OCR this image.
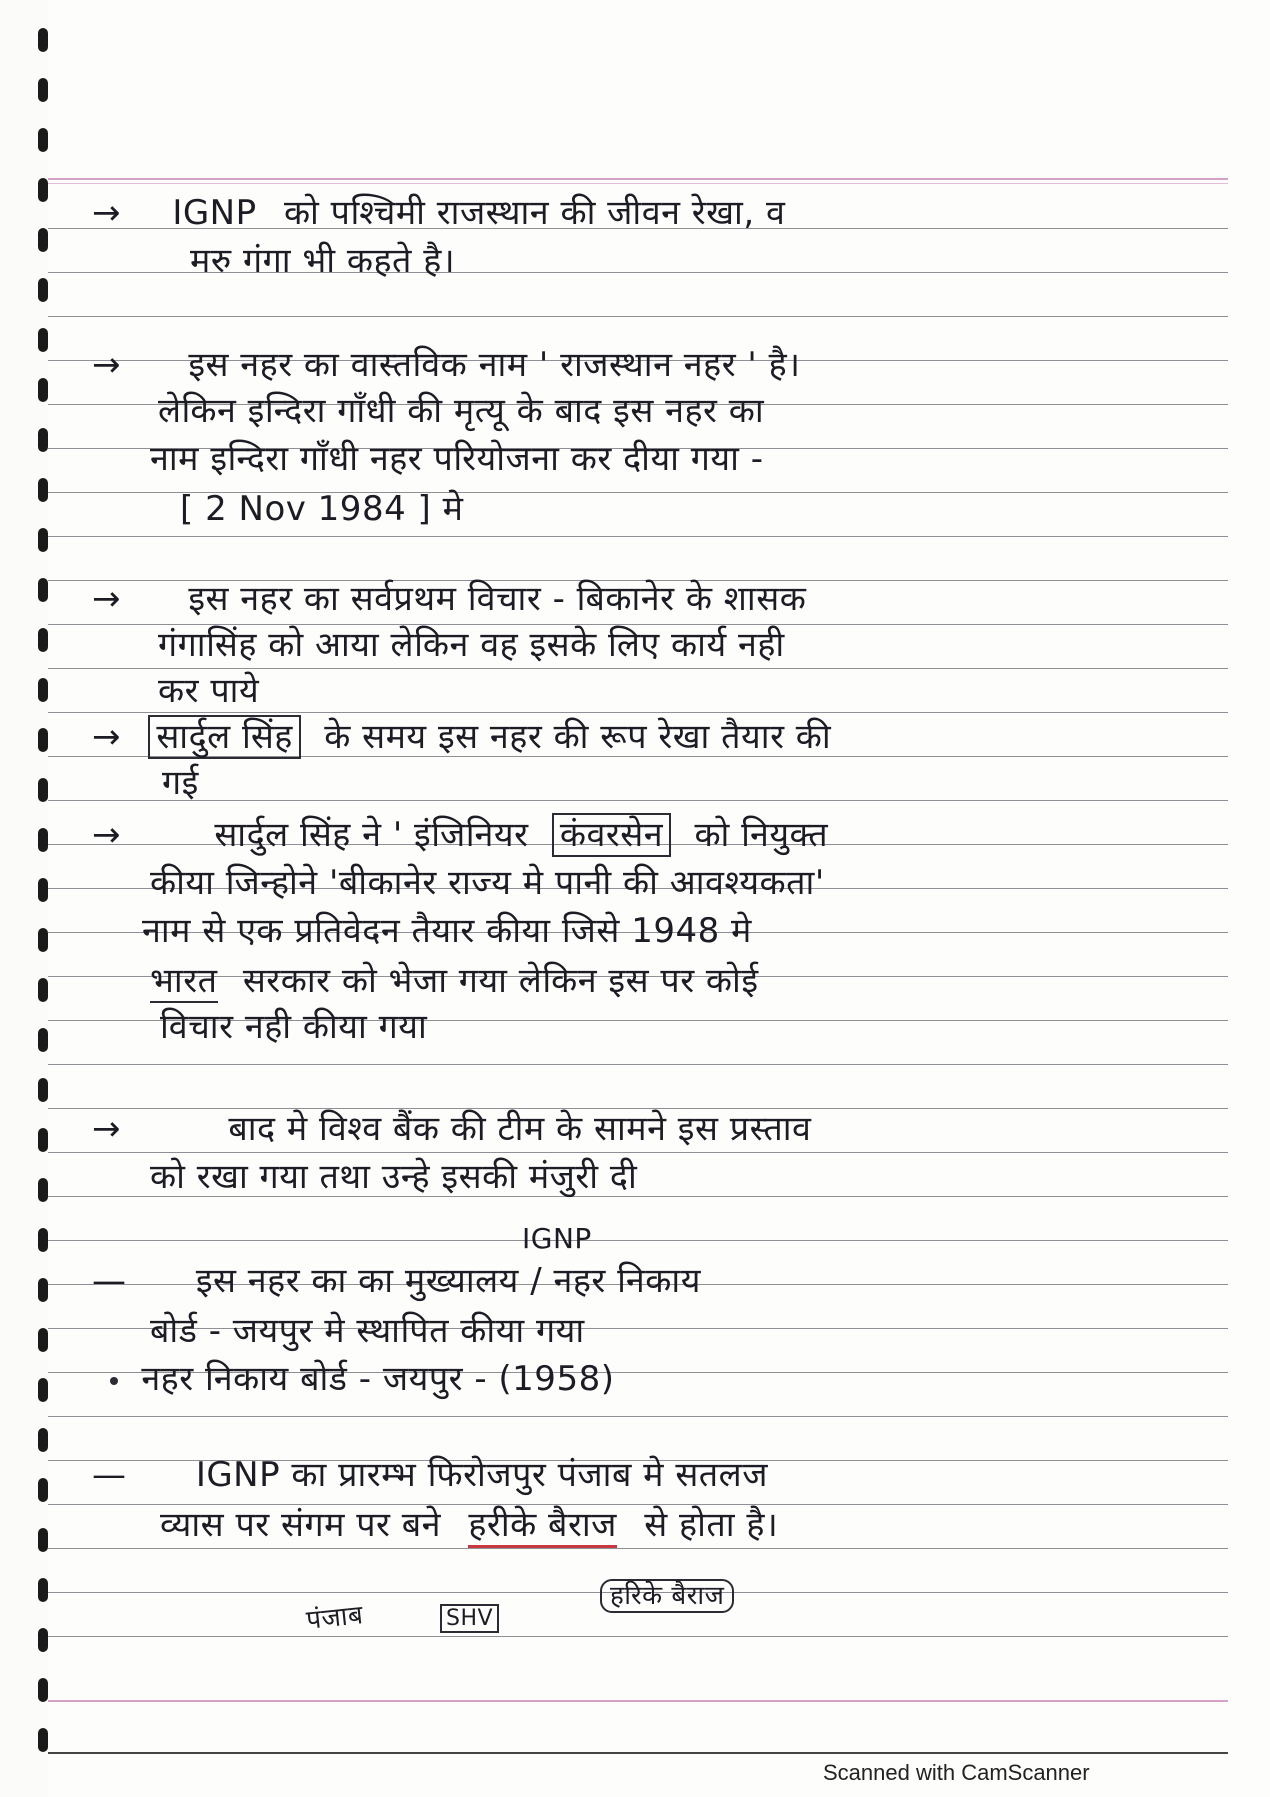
→ IGNP को पश्चिमी राजस्थान की जीवन रेखा, व
मरु गंगा भी कहते है।
→ इस नहर का वास्तविक नाम ' राजस्थान नहर ' है।
लेकिन इन्दिरा गाँधी की मृत्यू के बाद इस नहर का
नाम इन्दिरा गाँधी नहर परियोजना कर दीया गया -
[ 2 Nov 1984 ] मे
→ इस नहर का सर्वप्रथम विचार - बिकानेर के शासक
गंगासिंह को आया लेकिन वह इसके लिए कार्य नही
कर पाये
→ सार्दुल सिंह के समय इस नहर की रूप रेखा तैयार की
गई
→	सार्दुल सिंह ने ' इंजिनियर कंवरसेन को नियुक्त
कीया जिन्होने 'बीकानेर राज्य मे पानी की आवश्यकता'
नाम से एक प्रतिवेदन तैयार कीया जिसे 1948 मे
भारत सरकार को भेजा गया लेकिन इस पर कोई
विचार नही कीया गया
→	बाद मे विश्व बैंक की टीम के सामने इस प्रस्ताव
को रखा गया तथा उन्हे इसकी मंजुरी दी
IGNP
— इस नहर का का मुख्यालय / नहर निकाय
बोर्ड - जयपुर मे स्थापित कीया गया
नहर निकाय बोर्ड - जयपुर - (1958)
— IGNP का प्रारम्भ फिरोजपुर पंजाब मे सतलज
व्यास पर संगम पर बने हरीके बैराज से होता है।
पंजाब	SHV
हरिके बैराज
Scanned with CamScanner
